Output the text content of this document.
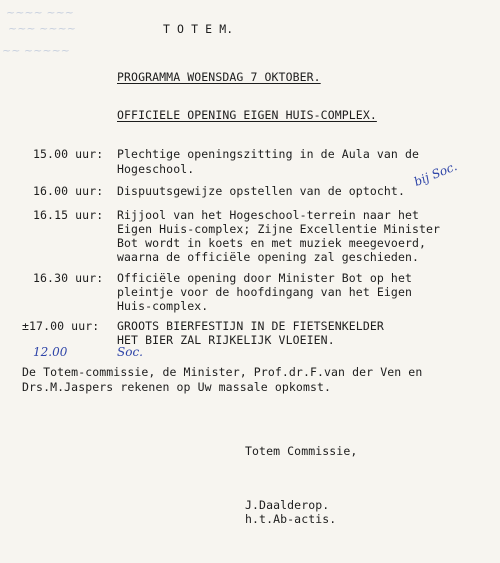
~~~~ ~~~
~~~ ~~~~
~~ ~~~~~
T O T E M.
PROGRAMMA WOENSDAG 7 OKTOBER.
OFFICIELE OPENING EIGEN HUIS-COMPLEX.
15.00 uur: Plechtige openingszitting in de Aula van de
Hogeschool.
16.00 uur: Dispuutsgewijze opstellen van de optocht.
16.15 uur: Rijjool van het Hogeschool-terrein naar het
Eigen Huis-complex; Zijne Excellentie Minister
Bot wordt in koets en met muziek meegevoerd,
waarna de officiële opening zal geschieden.
16.30 uur: Officiële opening door Minister Bot op het
pleintje voor de hoofdingang van het Eigen
Huis-complex.
±17.00 uur: GROOTS BIERFESTIJN IN DE FIETSENKELDER
HET BIER ZAL RIJKELIJK VLOEIEN.
bij Soc.
12.00	Soc.
De Totem-commissie, de Minister, Prof.dr.F.van der Ven en
Drs.M.Jaspers rekenen op Uw massale opkomst.
Totem Commissie,
J.Daalderop.
h.t.Ab-actis.
